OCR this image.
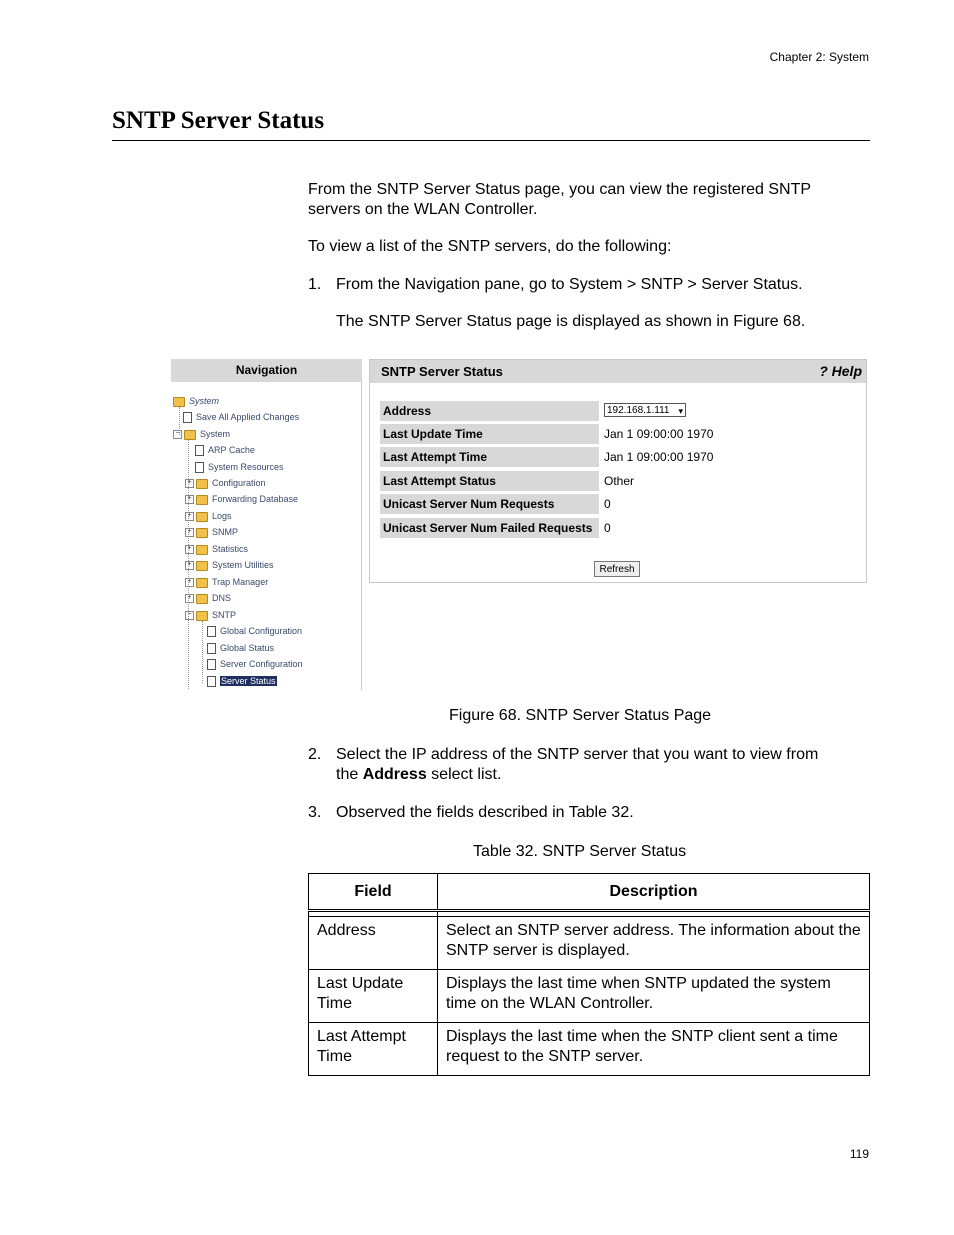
Chapter 2: System
SNTP Server Status
From the SNTP Server Status page, you can view the registered SNTP
servers on the WLAN Controller.
To view a list of the SNTP servers, do the following:
1. From the Navigation pane, go to System > SNTP > Server Status.
The SNTP Server Status page is displayed as shown in Figure 68.
Navigation
System
Save All Applied Changes
− System
ARP Cache
System Resources
+ Configuration
+ Forwarding Database
+ Logs
+ SNMP
+ Statistics
+ System Utilities
+ Trap Manager
+ DNS
− SNTP
Global Configuration
Global Status
Server Configuration
Server Status
SNTP Server Status	? Help
Address	192.168.1.111 ▾
Last Update Time	Jan 1 09:00:00 1970
Last Attempt Time	Jan 1 09:00:00 1970
Last Attempt Status	Other
Unicast Server Num Requests	0
Unicast Server Num Failed Requests 0
Refresh
Figure 68. SNTP Server Status Page
2. Select the IP address of the SNTP server that you want to view from
the Address select list.
3. Observed the fields described in Table 32.
Table 32. SNTP Server Status
Field	Description

Address	Select an SNTP server address. The information about the SNTP server is displayed.
Last Update Time	Displays the last time when SNTP updated the system time on the WLAN Controller.
Last Attempt Time	Displays the last time when the SNTP client sent a time request to the SNTP server.
119
